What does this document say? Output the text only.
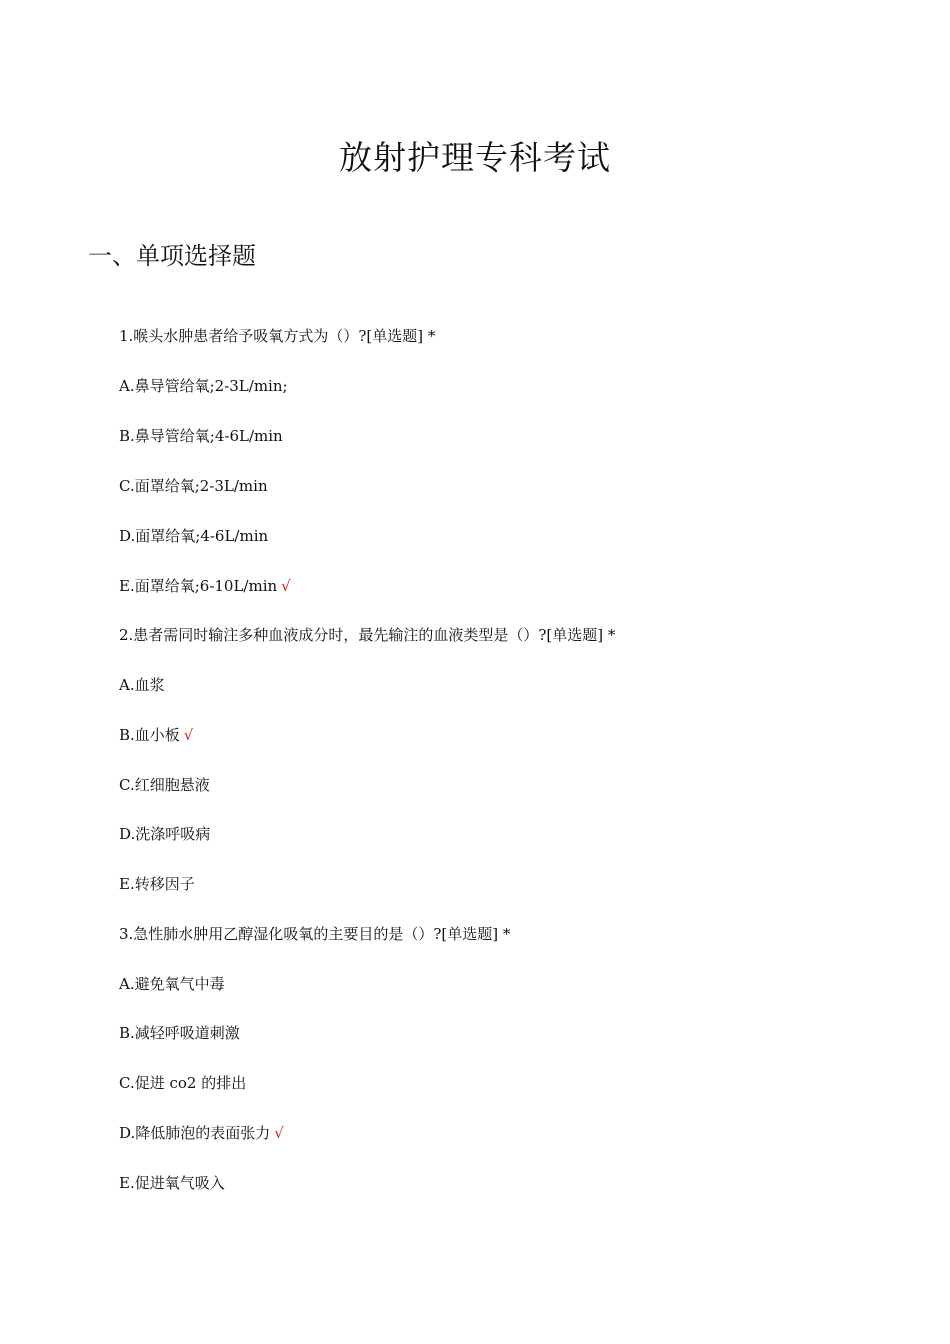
放射护理专科考试
一、单项选择题
1.喉头水肿患者给予吸氧方式为（）?[单选题] *
A.鼻导管给氧;2-3L/min;
B.鼻导管给氧;4-6L/min
C.面罩给氧;2-3L/min
D.面罩给氧;4-6L/min
E.面罩给氧;6-10L/min √
2.患者需同时输注多种血液成分时，最先输注的血液类型是（）?[单选题] *
A.血浆
B.血小板 √
C.红细胞悬液
D.洗涤呼吸病
E.转移因子
3.急性肺水肿用乙醇湿化吸氧的主要目的是（）?[单选题] *
A.避免氧气中毒
B.减轻呼吸道刺激
C.促进 co2 的排出
D.降低肺泡的表面张力 √
E.促进氧气吸入
